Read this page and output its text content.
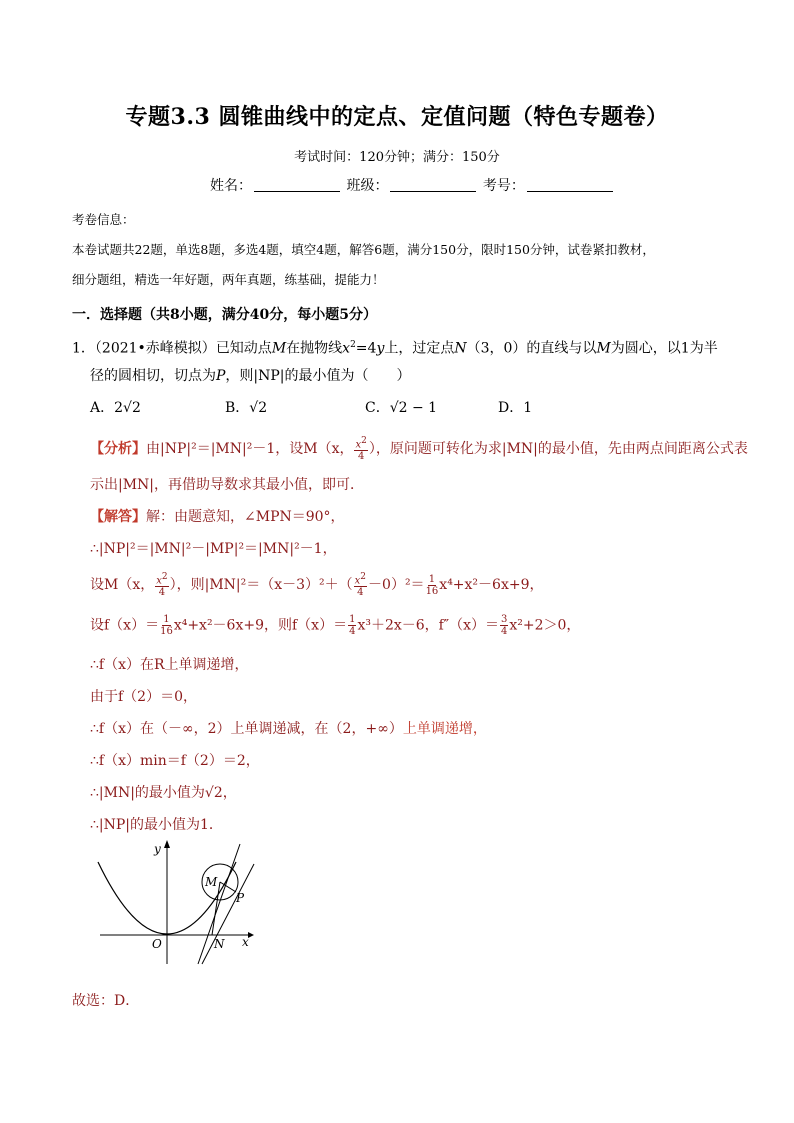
专题3.3 圆锥曲线中的定点、定值问题（特色专题卷）
考试时间：120分钟；满分：150分
姓名：	班级：	考号：
考卷信息：
本卷试题共22题，单选8题，多选4题，填空4题，解答6题，满分150分，限时150分钟，试卷紧扣教材，
细分题组，精选一年好题，两年真题，练基础，提能力！
一．选择题（共8小题，满分40分，每小题5分）
1．（2021•赤峰模拟）已知动点M在抛物线$x^2=4y$上，过定点N（3，0）的直线与以M为圆心，以1为半
径的圆相切，切点为P，则|NP|的最小值为（　　）
A．2√2	B．√2	C．√2 − 1	D．1
【分析】由|NP|²＝|MN|²－1，设M（x， $\frac{x^2}{4}$ ），原问题可转化为求|MN|的最小值，先由两点间距离公式表
示出|MN|，再借助导数求其最小值，即可．
【解答】解：由题意知，∠MPN＝90°，
∴|NP|²＝|MN|²－|MP|²＝|MN|²－1，
设M（x， $\frac{x^2}{4}$ ），则$|MN|^2=(x-3)^2+( \frac{x^2}{4} -0)^2= \frac{1}{16} x^4+x^2-6x+9$，
设$f(x)= \frac{1}{16} x^4+x^2-6x+9$，则$f(x)= \frac{1}{4} x^3+2x-6$，$f''(x)= \frac{3}{4} x^2+2>0$，
∴f（x）在R上单调递增，
由于f（2）＝0，
∴f（x）在（－∞，2）上单调递减，在（2，+∞）上单调递增，
∴f（x）min＝f（2）＝2，
∴|MN|的最小值为√2，
∴|NP|的最小值为1．
y
x
O
M
P
N
故选：D．
